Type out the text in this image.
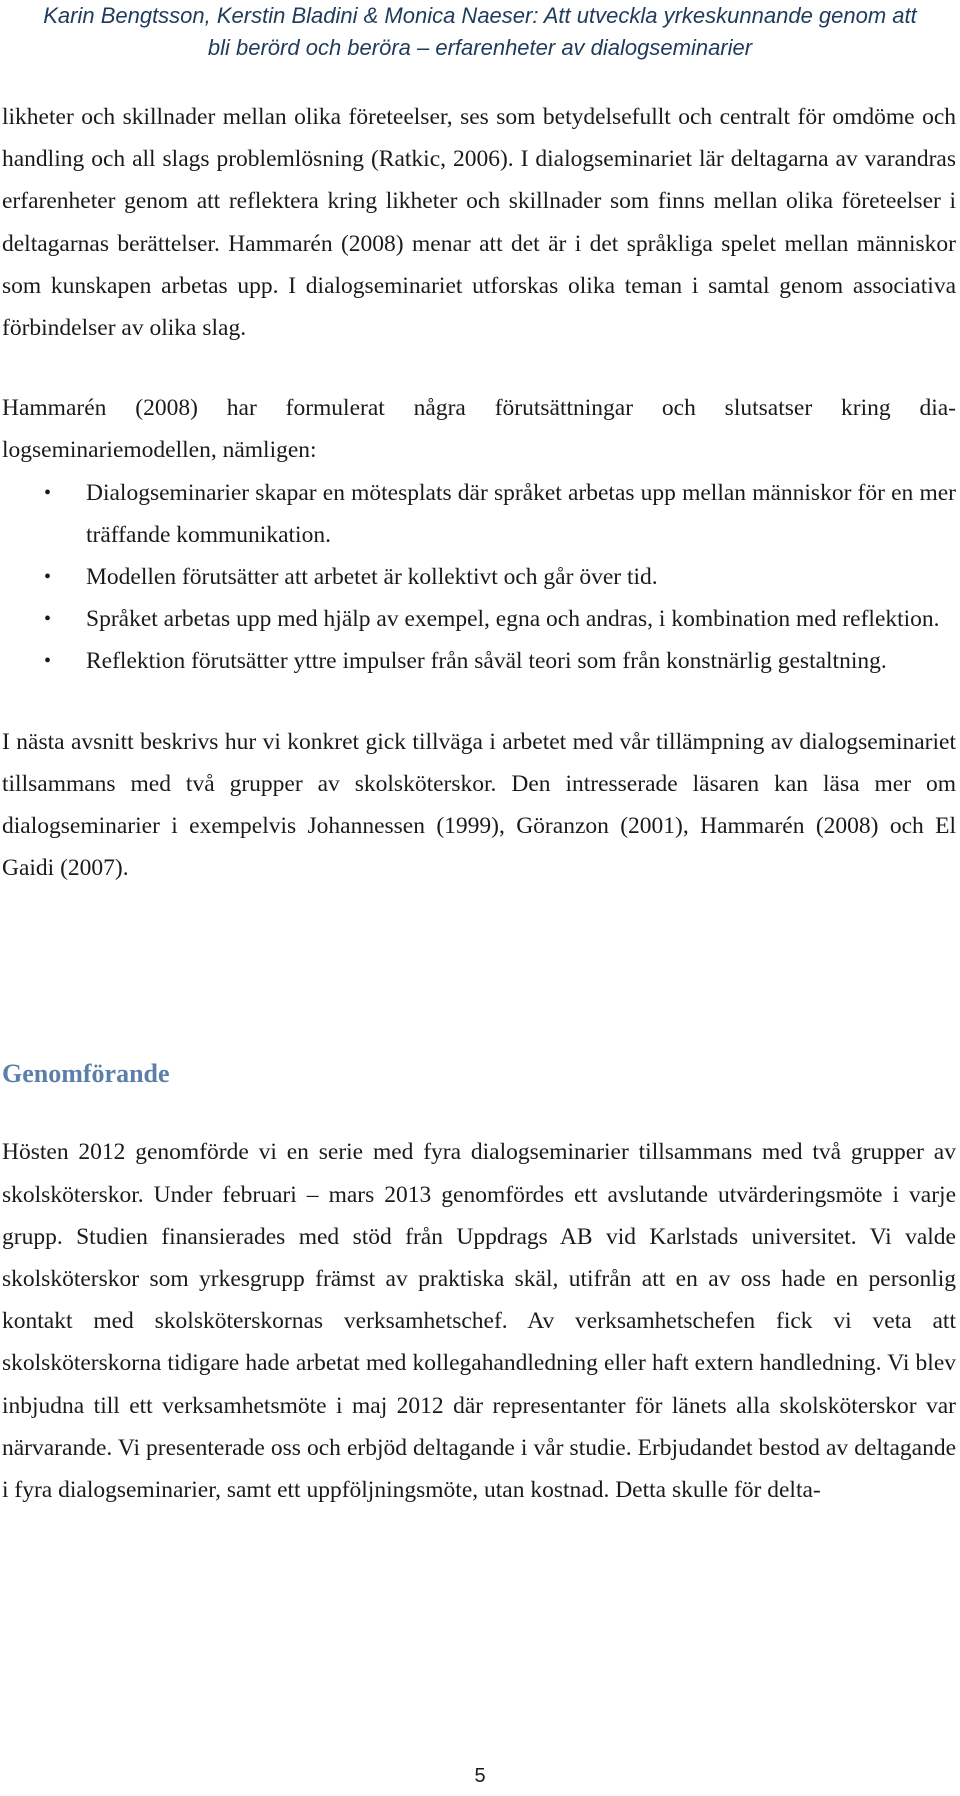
Karin Bengtsson, Kerstin Bladini & Monica Naeser: Att utveckla yrkeskunnande genom att
bli berörd och beröra – erfarenheter av dialogseminarier

likheter och skillnader mellan olika företeelser, ses som betydelsefullt och centralt för omdöme och handling och all slags problemlösning (Ratkic, 2006). I dialogseminariet lär deltagarna av varandras erfarenheter genom att reflektera kring likheter och skillnader som finns mellan olika företeelser i deltagarnas berättelser. Hammarén (2008) menar att det är i det språkliga spelet mellan människor som kunskapen arbetas upp. I dialogseminariet utforskas olika teman i samtal genom associativa förbindelser av olika slag.

Hammarén (2008) har formulerat några förutsättningar och slutsatser kring dialogseminariemodellen, nämligen:

• Dialogseminarier skapar en mötesplats där språket arbetas upp mellan människor för en mer träffande kommunikation.
• Modellen förutsätter att arbetet är kollektivt och går över tid.
• Språket arbetas upp med hjälp av exempel, egna och andras, i kombination med reflektion.
• Reflektion förutsätter yttre impulser från såväl teori som från konstnärlig gestaltning.

I nästa avsnitt beskrivs hur vi konkret gick tillväga i arbetet med vår tillämpning av dialogseminariet tillsammans med två grupper av skolsköterskor. Den intresserade läsaren kan läsa mer om dialogseminarier i exempelvis Johannessen (1999), Göranzon (2001), Hammarén (2008) och El Gaidi (2007).

Genomförande

Hösten 2012 genomförde vi en serie med fyra dialogseminarier tillsammans med två grupper av skolsköterskor. Under februari – mars 2013 genomfördes ett avslutande utvärderingsmöte i varje grupp. Studien finansierades med stöd från Uppdrags AB vid Karlstads universitet. Vi valde skolsköterskor som yrkesgrupp främst av praktiska skäl, utifrån att en av oss hade en personlig kontakt med skolsköterskornas verksamhetschef. Av verksamhetschefen fick vi veta att skolsköterskorna tidigare hade arbetat med kollegahandledning eller haft extern handledning. Vi blev inbjudna till ett verksamhetsmöte i maj 2012 där representanter för länets alla skolsköterskor var närvarande. Vi presenterade oss och erbjöd deltagande i vår studie. Erbjudandet bestod av deltagande i fyra dialogseminarier, samt ett uppföljningsmöte, utan kostnad. Detta skulle för delta-

5
